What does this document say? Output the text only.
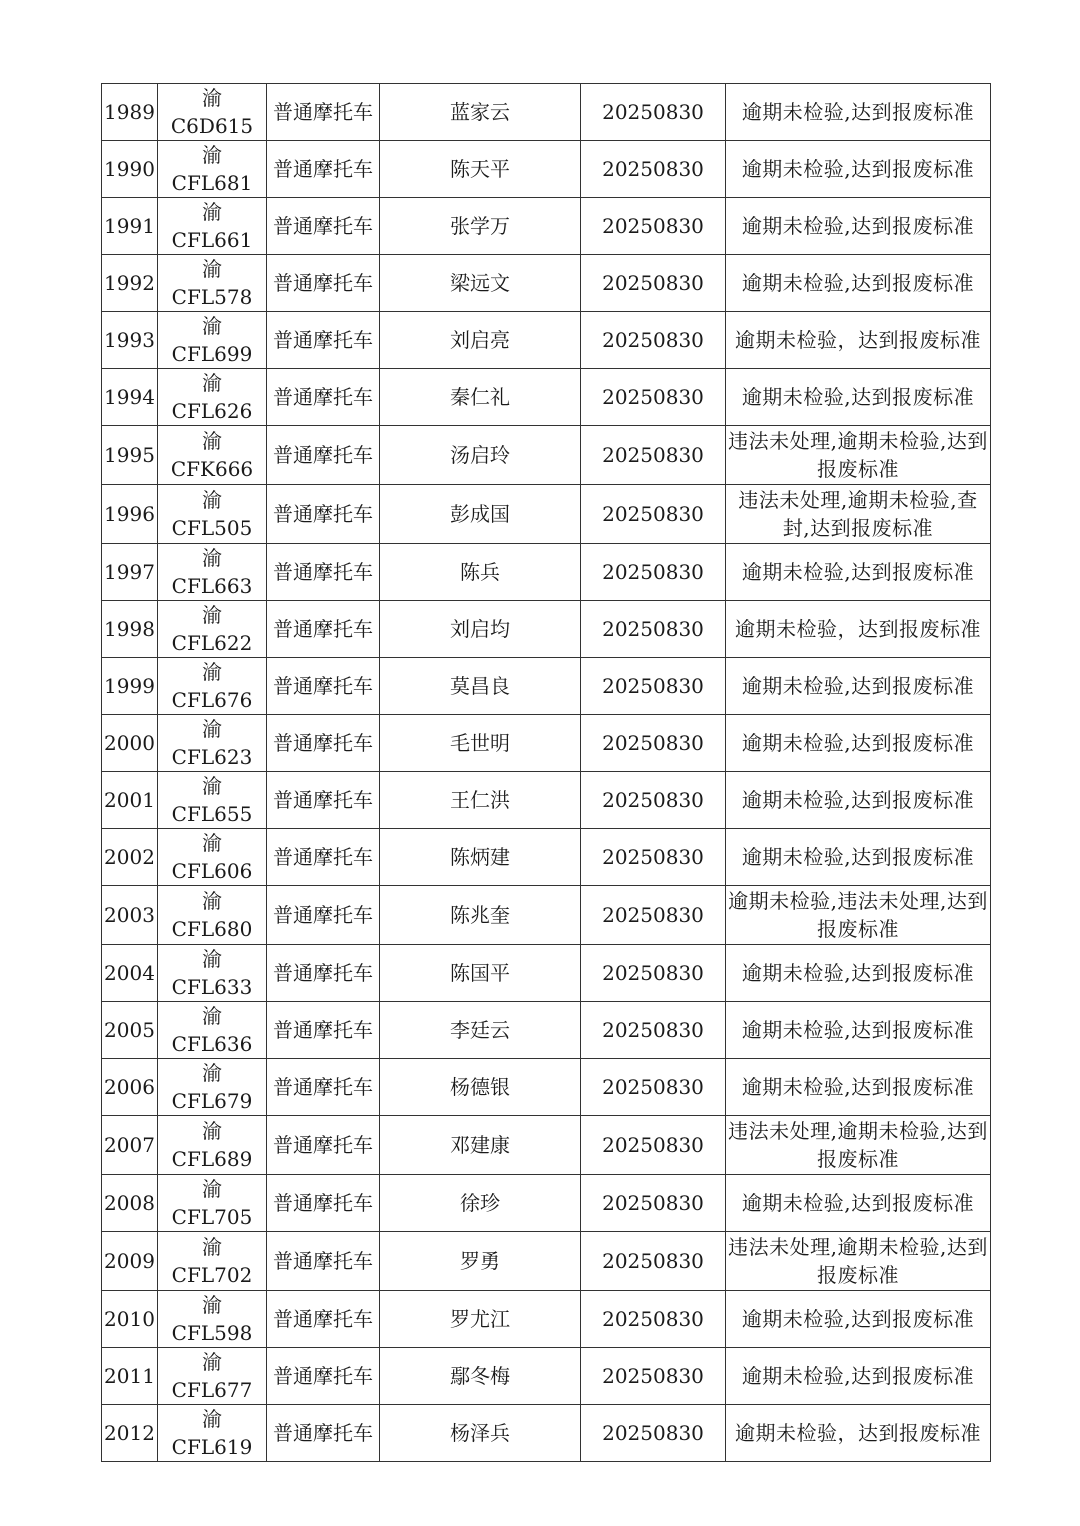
1989	渝 C6D615	普通摩托车	蓝家云	20250830	逾期未检验,达到报废标准
1990	渝 CFL681	普通摩托车	陈天平	20250830	逾期未检验,达到报废标准
1991	渝 CFL661	普通摩托车	张学万	20250830	逾期未检验,达到报废标准
1992	渝 CFL578	普通摩托车	梁远文	20250830	逾期未检验,达到报废标准
1993	渝 CFL699	普通摩托车	刘启亮	20250830	逾期未检验，达到报废标准
1994	渝 CFL626	普通摩托车	秦仁礼	20250830	逾期未检验,达到报废标准
1995	渝 CFK666	普通摩托车	汤启玲	20250830	违法未处理,逾期未检验,达到报废标准
1996	渝 CFL505	普通摩托车	彭成国	20250830	违法未处理,逾期未检验,查封,达到报废标准
1997	渝 CFL663	普通摩托车	陈兵	20250830	逾期未检验,达到报废标准
1998	渝 CFL622	普通摩托车	刘启均	20250830	逾期未检验，达到报废标准
1999	渝 CFL676	普通摩托车	莫昌良	20250830	逾期未检验,达到报废标准
2000	渝 CFL623	普通摩托车	毛世明	20250830	逾期未检验,达到报废标准
2001	渝 CFL655	普通摩托车	王仁洪	20250830	逾期未检验,达到报废标准
2002	渝 CFL606	普通摩托车	陈炳建	20250830	逾期未检验,达到报废标准
2003	渝 CFL680	普通摩托车	陈兆奎	20250830	逾期未检验,违法未处理,达到报废标准
2004	渝 CFL633	普通摩托车	陈国平	20250830	逾期未检验,达到报废标准
2005	渝 CFL636	普通摩托车	李廷云	20250830	逾期未检验,达到报废标准
2006	渝 CFL679	普通摩托车	杨德银	20250830	逾期未检验,达到报废标准
2007	渝 CFL689	普通摩托车	邓建康	20250830	违法未处理,逾期未检验,达到报废标准
2008	渝 CFL705	普通摩托车	徐珍	20250830	逾期未检验,达到报废标准
2009	渝 CFL702	普通摩托车	罗勇	20250830	违法未处理,逾期未检验,达到报废标准
2010	渝 CFL598	普通摩托车	罗尤江	20250830	逾期未检验,达到报废标准
2011	渝 CFL677	普通摩托车	鄢冬梅	20250830	逾期未检验,达到报废标准
2012	渝 CFL619	普通摩托车	杨泽兵	20250830	逾期未检验，达到报废标准
